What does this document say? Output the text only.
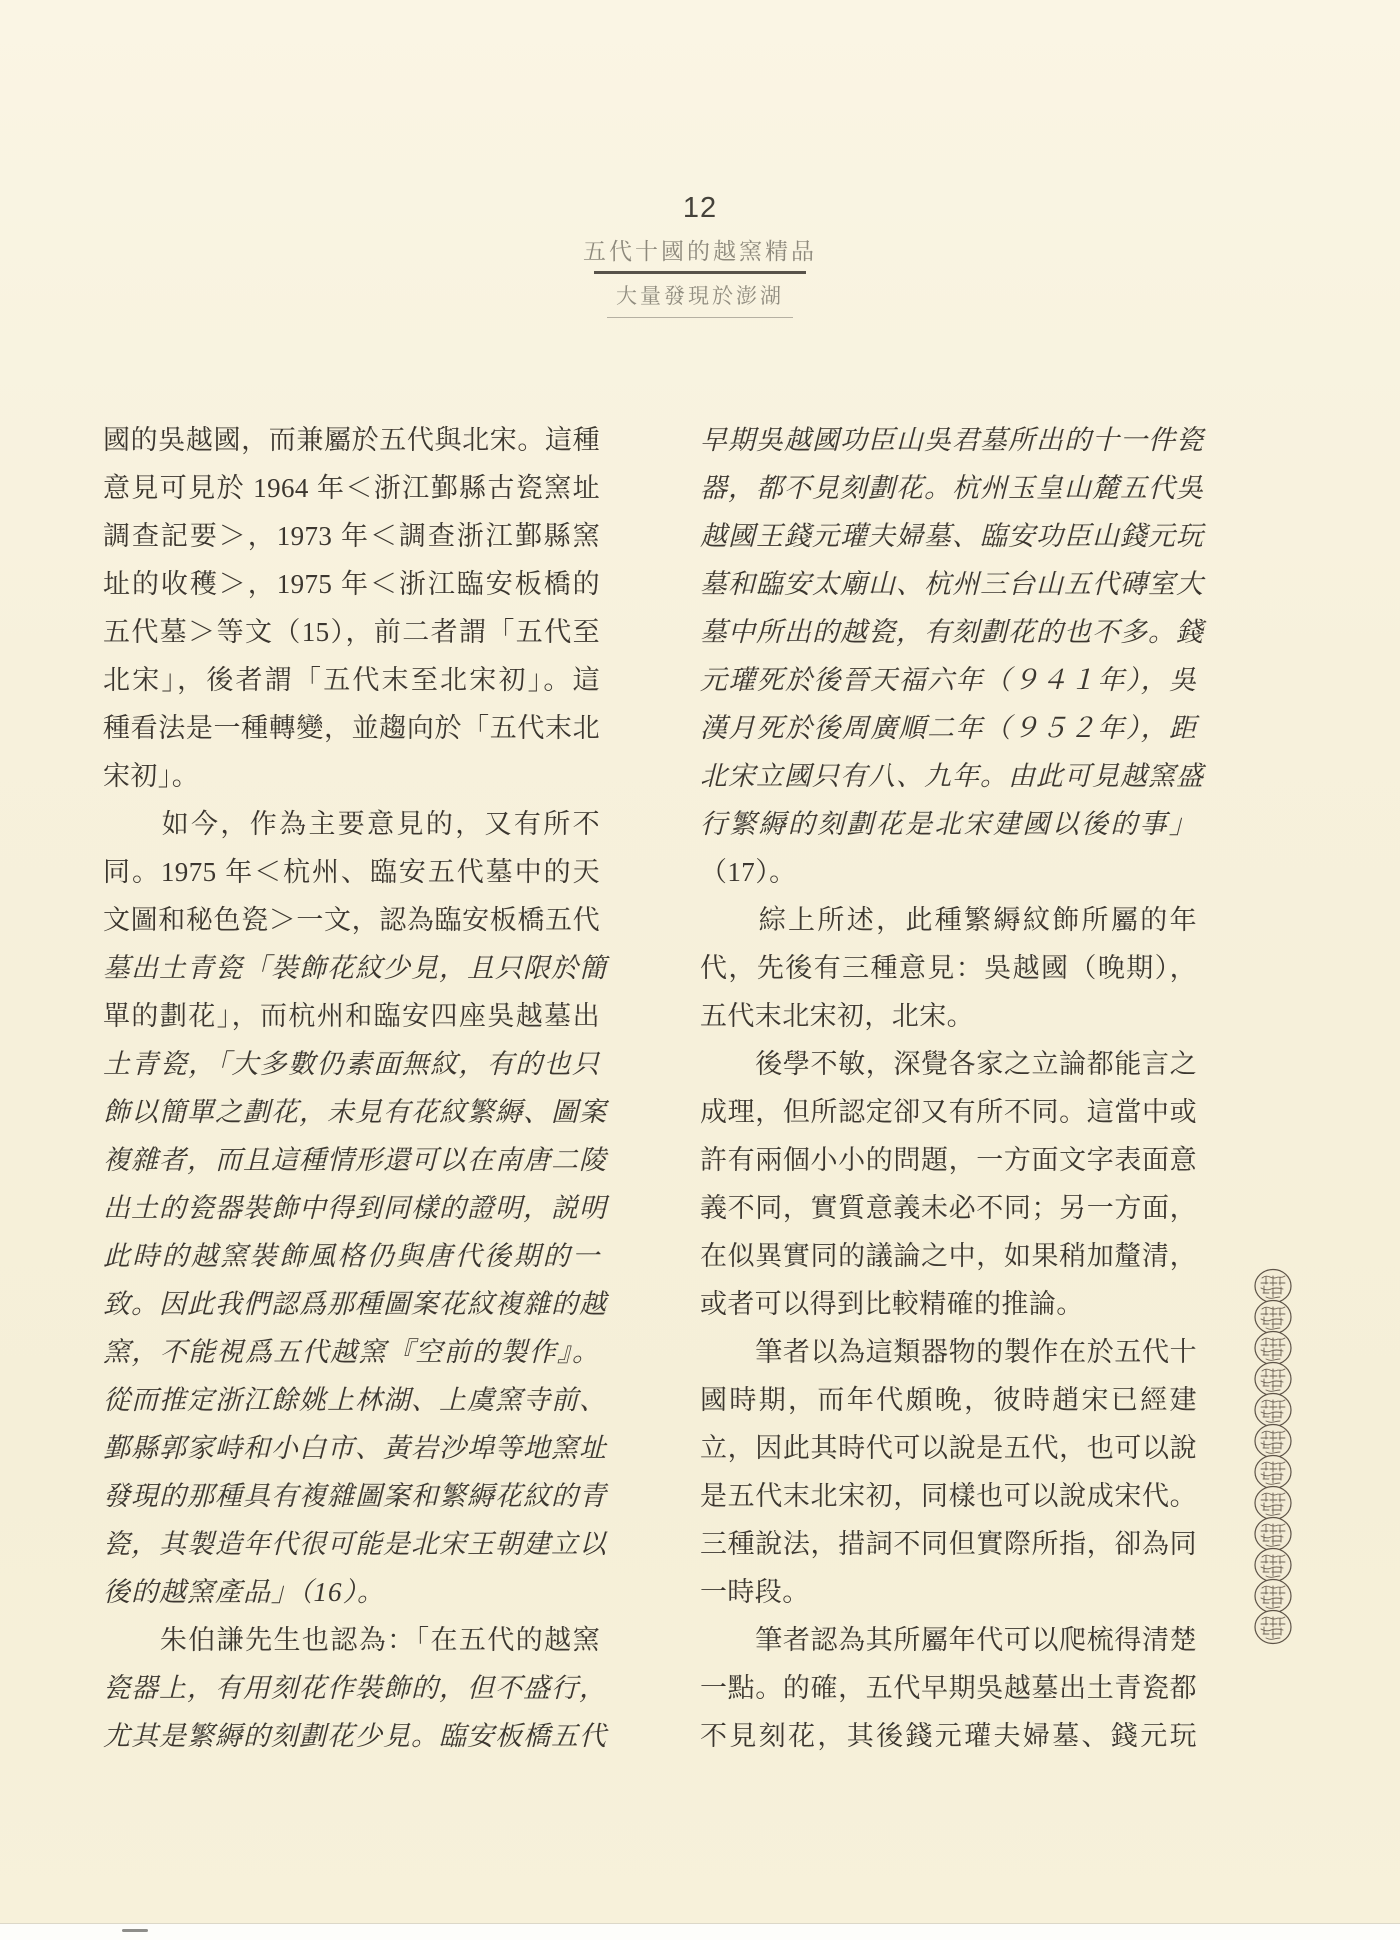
12
五代十國的越窯精品
大量發現於澎湖
國的吳越國，而兼屬於五代與北宋。這種
意見可見於 1964 年＜浙江鄞縣古瓷窯址
調查記要＞，1973 年＜調查浙江鄞縣窯
址的收穫＞，1975 年＜浙江臨安板橋的
五代墓＞等文（15），前二者謂「五代至
北宋」，後者謂「五代末至北宋初」。這
種看法是一種轉變，並趨向於「五代末北
宋初」。
　　如今，作為主要意見的，又有所不
同。1975 年＜杭州、臨安五代墓中的天
文圖和秘色瓷＞一文，認為臨安板橋五代
墓出土青瓷「裝飾花紋少見，且只限於簡
單的劃花」，而杭州和臨安四座吳越墓出
土青瓷，「大多數仍素面無紋，有的也只
飾以簡單之劃花，未見有花紋繁縟、圖案
複雜者，而且這種情形還可以在南唐二陵
出土的瓷器裝飾中得到同樣的證明，説明
此時的越窯裝飾風格仍與唐代後期的一
致。因此我們認爲那種圖案花紋複雜的越
窯，不能視爲五代越窯『空前的製作』。
從而推定浙江餘姚上林湖、上虞窯寺前、
鄞縣郭家峙和小白市、黃岩沙埠等地窯址
發現的那種具有複雜圖案和繁縟花紋的青
瓷，其製造年代很可能是北宋王朝建立以
後的越窯產品」（16）。
　　朱伯謙先生也認為：「在五代的越窯
瓷器上，有用刻花作裝飾的，但不盛行，
尤其是繁縟的刻劃花少見。臨安板橋五代
早期吳越國功臣山吳君墓所出的十一件瓷
器，都不見刻劃花。杭州玉皇山麓五代吳
越國王錢元瓘夫婦墓、臨安功臣山錢元玩
墓和臨安太廟山、杭州三台山五代磚室大
墓中所出的越瓷，有刻劃花的也不多。錢
元瓘死於後晉天福六年（９４１年），吳
漢月死於後周廣順二年（９５２年），距
北宋立國只有八、九年。由此可見越窯盛
行繁縟的刻劃花是北宋建國以後的事」
（17）。
　　綜上所述，此種繁縟紋飾所屬的年
代，先後有三種意見：吳越國（晚期），
五代末北宋初，北宋。
　　後學不敏，深覺各家之立論都能言之
成理，但所認定卻又有所不同。這當中或
許有兩個小小的問題，一方面文字表面意
義不同，實質意義未必不同；另一方面，
在似異實同的議論之中，如果稍加釐清，
或者可以得到比較精確的推論。
　　筆者以為這類器物的製作在於五代十
國時期，而年代頗晚，彼時趙宋已經建
立，因此其時代可以說是五代，也可以說
是五代末北宋初，同樣也可以說成宋代。
三種說法，措詞不同但實際所指，卻為同
一時段。
　　筆者認為其所屬年代可以爬梳得清楚
一點。的確，五代早期吳越墓出土青瓷都
不見刻花，其後錢元瓘夫婦墓、錢元玩
